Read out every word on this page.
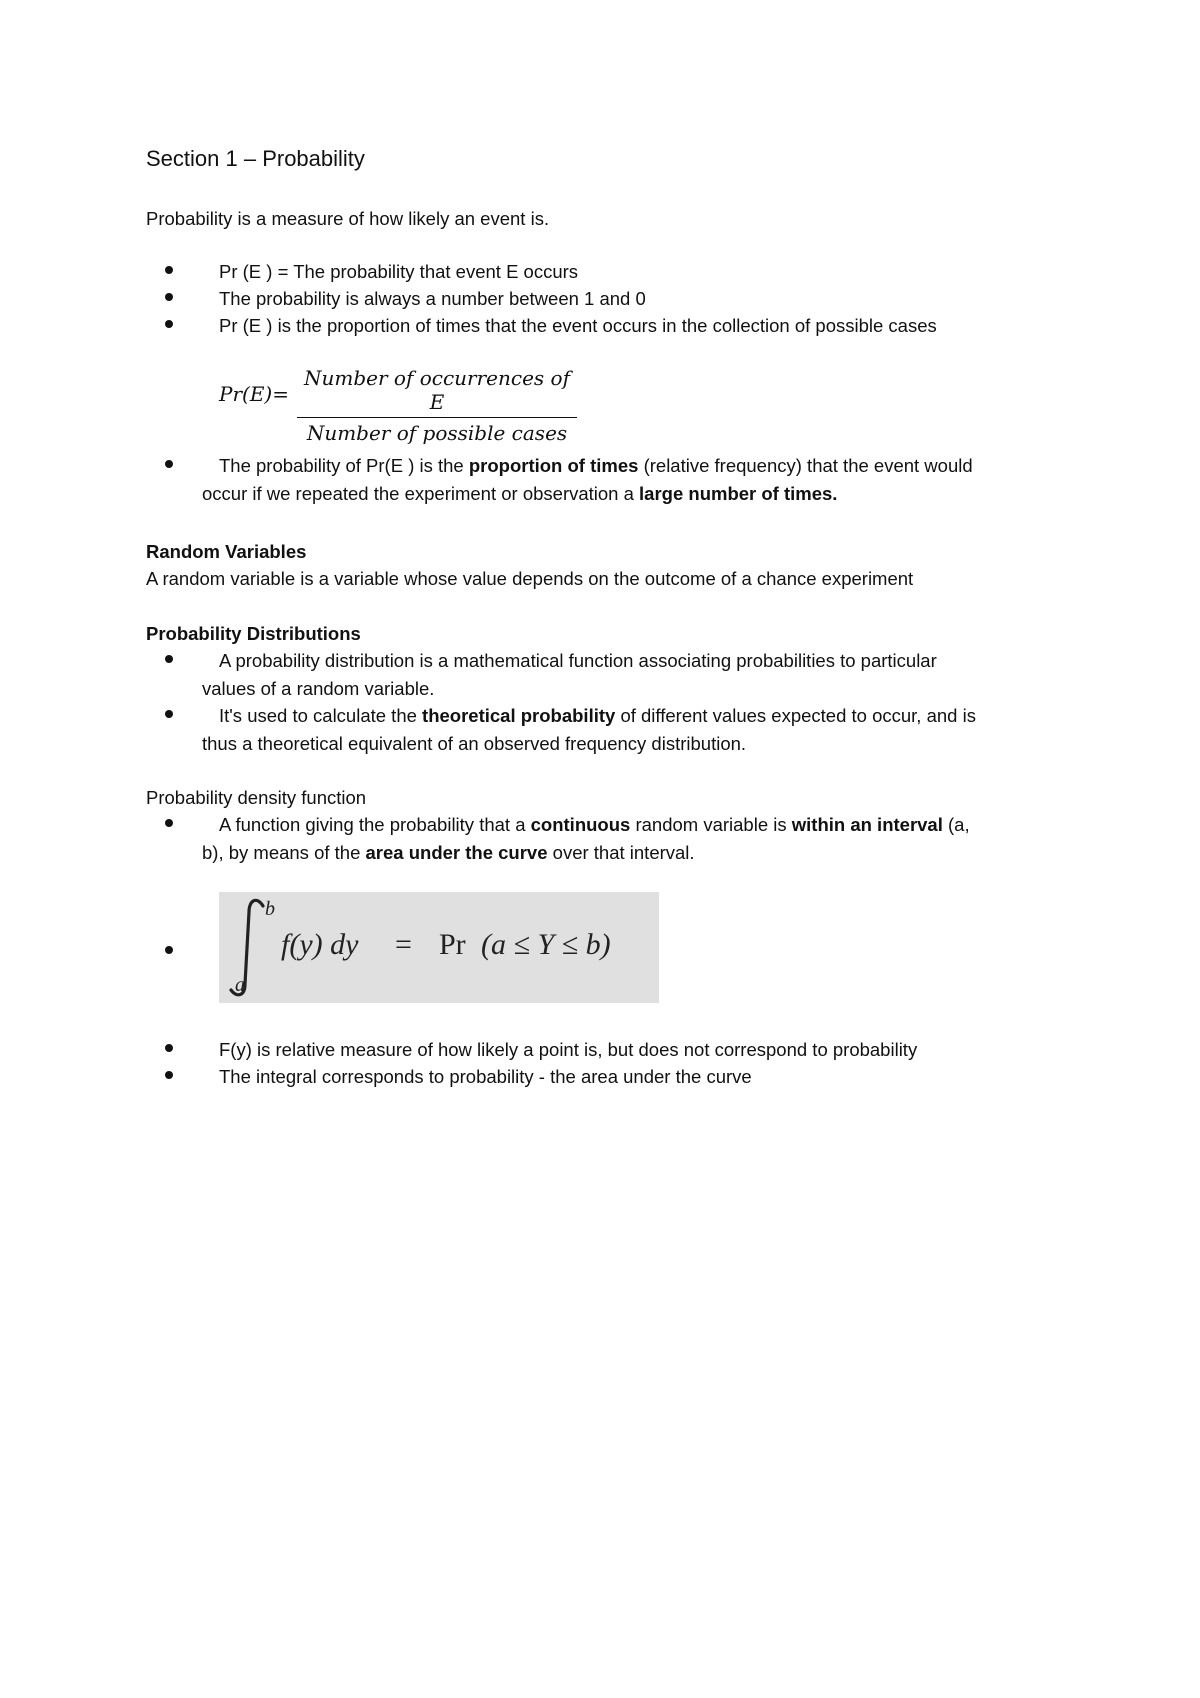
Section 1 – Probability
Probability is a measure of how likely an event is.
Pr (E ) = The probability that event E occurs
The probability is always a number between 1 and 0
Pr (E ) is the proportion of times that the event occurs in the collection of possible cases
Pr(E)=
Number of occurrences of E
Number of possible cases
The probability of Pr(E ) is the proportion of times (relative frequency) that the event would
occur if we repeated the experiment or observation a large number of times.
Random Variables
A random variable is a variable whose value depends on the outcome of a chance experiment
Probability Distributions
A probability distribution is a mathematical function associating probabilities to particular
values of a random variable.
It's used to calculate the theoretical probability of different values expected to occur, and is
thus a theoretical equivalent of an observed frequency distribution.
Probability density function
A function giving the probability that a continuous random variable is within an interval (a,
b), by means of the area under the curve over that interval.
b
a
f(y) dy = Pr (a ≤ Y ≤ b)
F(y) is relative measure of how likely a point is, but does not correspond to probability
The integral corresponds to probability - the area under the curve
